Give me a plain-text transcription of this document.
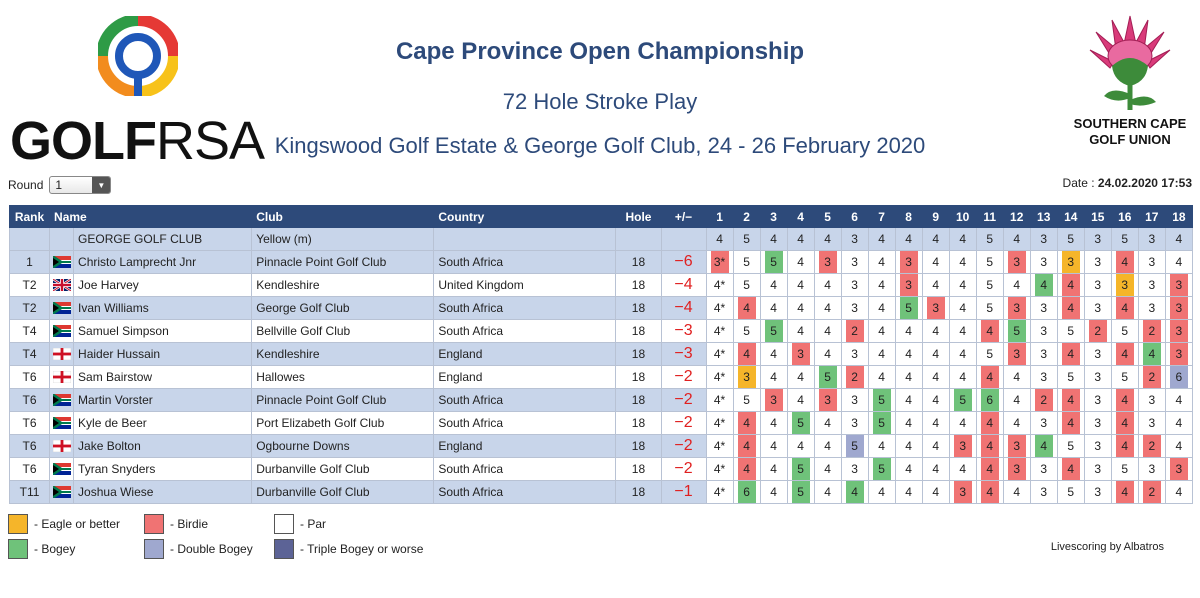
GOLFRSA
Cape Province Open Championship
72 Hole Stroke Play
Kingswood Golf Estate & George Golf Club, 24 - 26 February 2020
SOUTHERN CAPE
GOLF UNION
Round	1	▼	Date : 24.02.2020 17:53
Rank	Name		Club	Country	Hole	+/−	1	2	3	4	5	6	7	8	9	10	11	12	13	14	15	16	17	18
		GEORGE GOLF CLUB	Yellow (m)				4	5	4	4	4	3	4	4	4	4	5	4	3	5	3	5	3	4
1		Christo Lamprecht Jnr	Pinnacle Point Golf Club	South Africa	18	−6	3*	5	5	4	3	3	4	3	4	4	5	3	3	3	3	4	3	4
T2		Joe Harvey	Kendleshire	United Kingdom	18	−4	4*	5	4	4	4	3	4	3	4	4	5	4	4	4	3	3	3	3
T2		Ivan Williams	George Golf Club	South Africa	18	−4	4*	4	4	4	4	3	4	5	3	4	5	3	3	4	3	4	3	3
T4		Samuel Simpson	Bellville Golf Club	South Africa	18	−3	4*	5	5	4	4	2	4	4	4	4	4	5	3	5	2	5	2	3
T4		Haider Hussain	Kendleshire	England	18	−3	4*	4	4	3	4	3	4	4	4	4	5	3	3	4	3	4	4	3
T6		Sam Bairstow	Hallowes	England	18	−2	4*	3	4	4	5	2	4	4	4	4	4	4	3	5	3	5	2	6
T6		Martin Vorster	Pinnacle Point Golf Club	South Africa	18	−2	4*	5	3	4	3	3	5	4	4	5	6	4	2	4	3	4	3	4
T6		Kyle de Beer	Port Elizabeth Golf Club	South Africa	18	−2	4*	4	4	5	4	3	5	4	4	4	4	4	3	4	3	4	3	4
T6		Jake Bolton	Ogbourne Downs	England	18	−2	4*	4	4	4	4	5	4	4	4	3	4	3	4	5	3	4	2	4
T6		Tyran Snyders	Durbanville Golf Club	South Africa	18	−2	4*	4	4	5	4	3	5	4	4	4	4	3	3	4	3	5	3	3
T11		Joshua Wiese	Durbanville Golf Club	South Africa	18	−1	4*	6	4	5	4	4	4	4	4	3	4	4	3	5	3	4	2	4
- Eagle or better	- Birdie	- Par
- Bogey	- Double Bogey	- Triple Bogey or worse	Livescoring by Albatros
